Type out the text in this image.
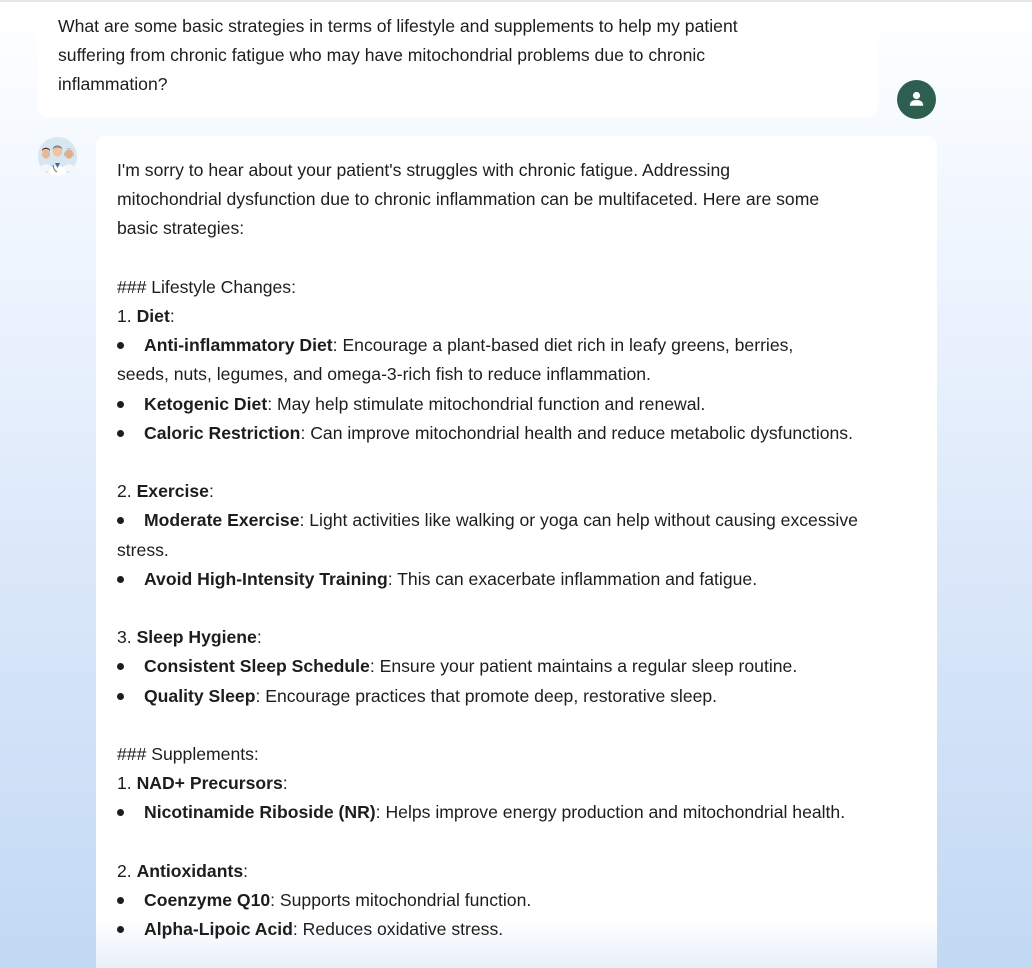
What are some basic strategies in terms of lifestyle and supplements to help my patient
suffering from chronic fatigue who may have mitochondrial problems due to chronic
inflammation?
I'm sorry to hear about your patient's struggles with chronic fatigue. Addressing
mitochondrial dysfunction due to chronic inflammation can be multifaceted. Here are some
basic strategies:
### Lifestyle Changes:
1. Diet:
Anti-inflammatory Diet: Encourage a plant-based diet rich in leafy greens, berries,
seeds, nuts, legumes, and omega-3-rich fish to reduce inflammation.
Ketogenic Diet: May help stimulate mitochondrial function and renewal.
Caloric Restriction: Can improve mitochondrial health and reduce metabolic dysfunctions.
2. Exercise:
Moderate Exercise: Light activities like walking or yoga can help without causing excessive
stress.
Avoid High-Intensity Training: This can exacerbate inflammation and fatigue.
3. Sleep Hygiene:
Consistent Sleep Schedule: Ensure your patient maintains a regular sleep routine.
Quality Sleep: Encourage practices that promote deep, restorative sleep.
### Supplements:
1. NAD+ Precursors:
Nicotinamide Riboside (NR): Helps improve energy production and mitochondrial health.
2. Antioxidants:
Coenzyme Q10: Supports mitochondrial function.
Alpha-Lipoic Acid: Reduces oxidative stress.
